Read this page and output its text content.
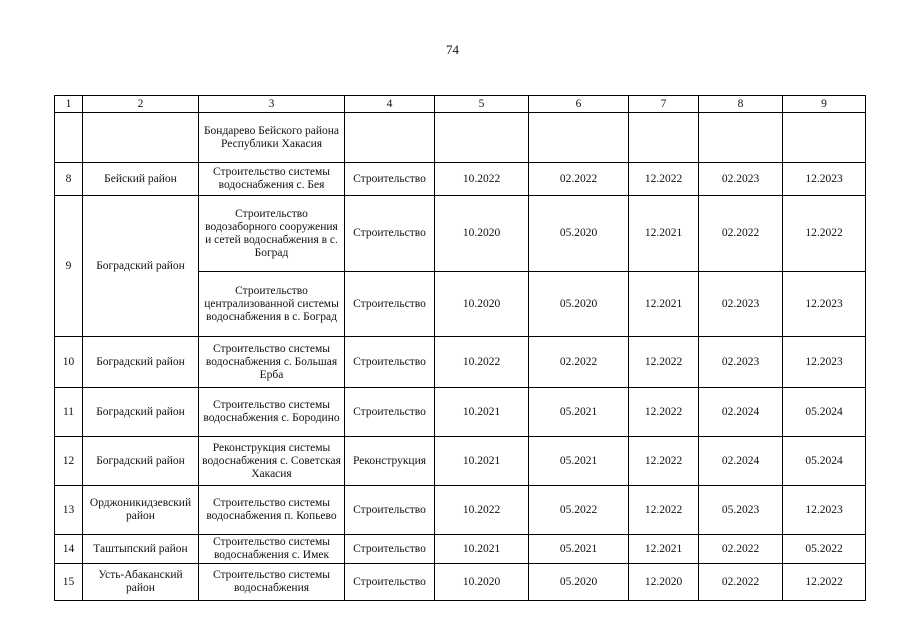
74
1	2	3	4	5	6	7	8	9
		Бондарево Бейского района Республики Хакасия						
8	Бейский район	Строительство системы водоснабжения с. Бея	Строительство	10.2022	02.2022	12.2022	02.2023	12.2023
9	Боградский район	Строительство водозаборного сооружения и сетей водоснабжения в с. Боград	Строительство	10.2020	05.2020	12.2021	02.2022	12.2022
		Строительство централизованной системы водоснабжения в с. Боград	Строительство	10.2020	05.2020	12.2021	02.2023	12.2023
10	Боградский район	Строительство системы водоснабжения с. Большая Ерба	Строительство	10.2022	02.2022	12.2022	02.2023	12.2023
11	Боградский район	Строительство системы водоснабжения с. Бородино	Строительство	10.2021	05.2021	12.2022	02.2024	05.2024
12	Боградский район	Реконструкция системы водоснабжения с. Советская Хакасия	Реконструкция	10.2021	05.2021	12.2022	02.2024	05.2024
13	Орджоникидзевский район	Строительство системы водоснабжения п. Копьево	Строительство	10.2022	05.2022	12.2022	05.2023	12.2023
14	Таштыпский район	Строительство системы водоснабжения с. Имек	Строительство	10.2021	05.2021	12.2021	02.2022	05.2022
15	Усть-Абаканский район	Строительство системы водоснабжения	Строительство	10.2020	05.2020	12.2020	02.2022	12.2022
